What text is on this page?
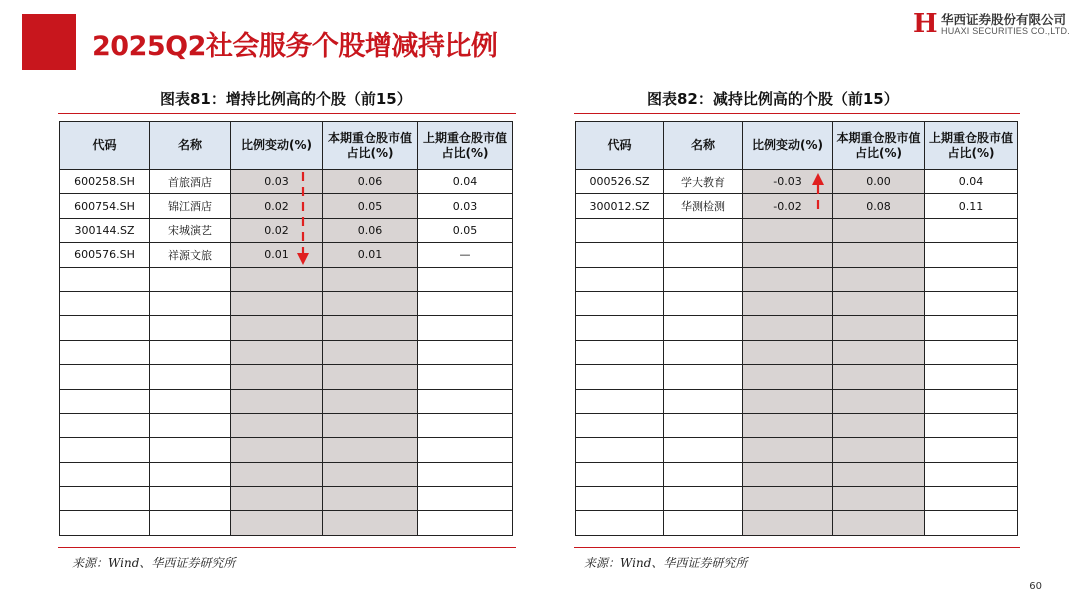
2025Q2社会服务个股增减持比例
H 华西证券股份有限公司
HUAXI SECURITIES CO.,LTD.
图表81：增持比例高的个股（前15）
代码	名称	比例变动(%)	本期重仓股市值占比(%)	上期重仓股市值占比(%)
600258.SH	首旅酒店	0.03	0.06	0.04
600754.SH	锦江酒店	0.02	0.05	0.03
300144.SZ	宋城演艺	0.02	0.06	0.05
600576.SH	祥源文旅	0.01	0.01	—

来源：Wind、华西证券研究所
图表82：减持比例高的个股（前15）
代码	名称	比例变动(%)	本期重仓股市值占比(%)	上期重仓股市值占比(%)
000526.SZ	学大教育	-0.03	0.00	0.04
300012.SZ	华测检测	-0.02	0.08	0.11

来源：Wind、华西证券研究所
60
